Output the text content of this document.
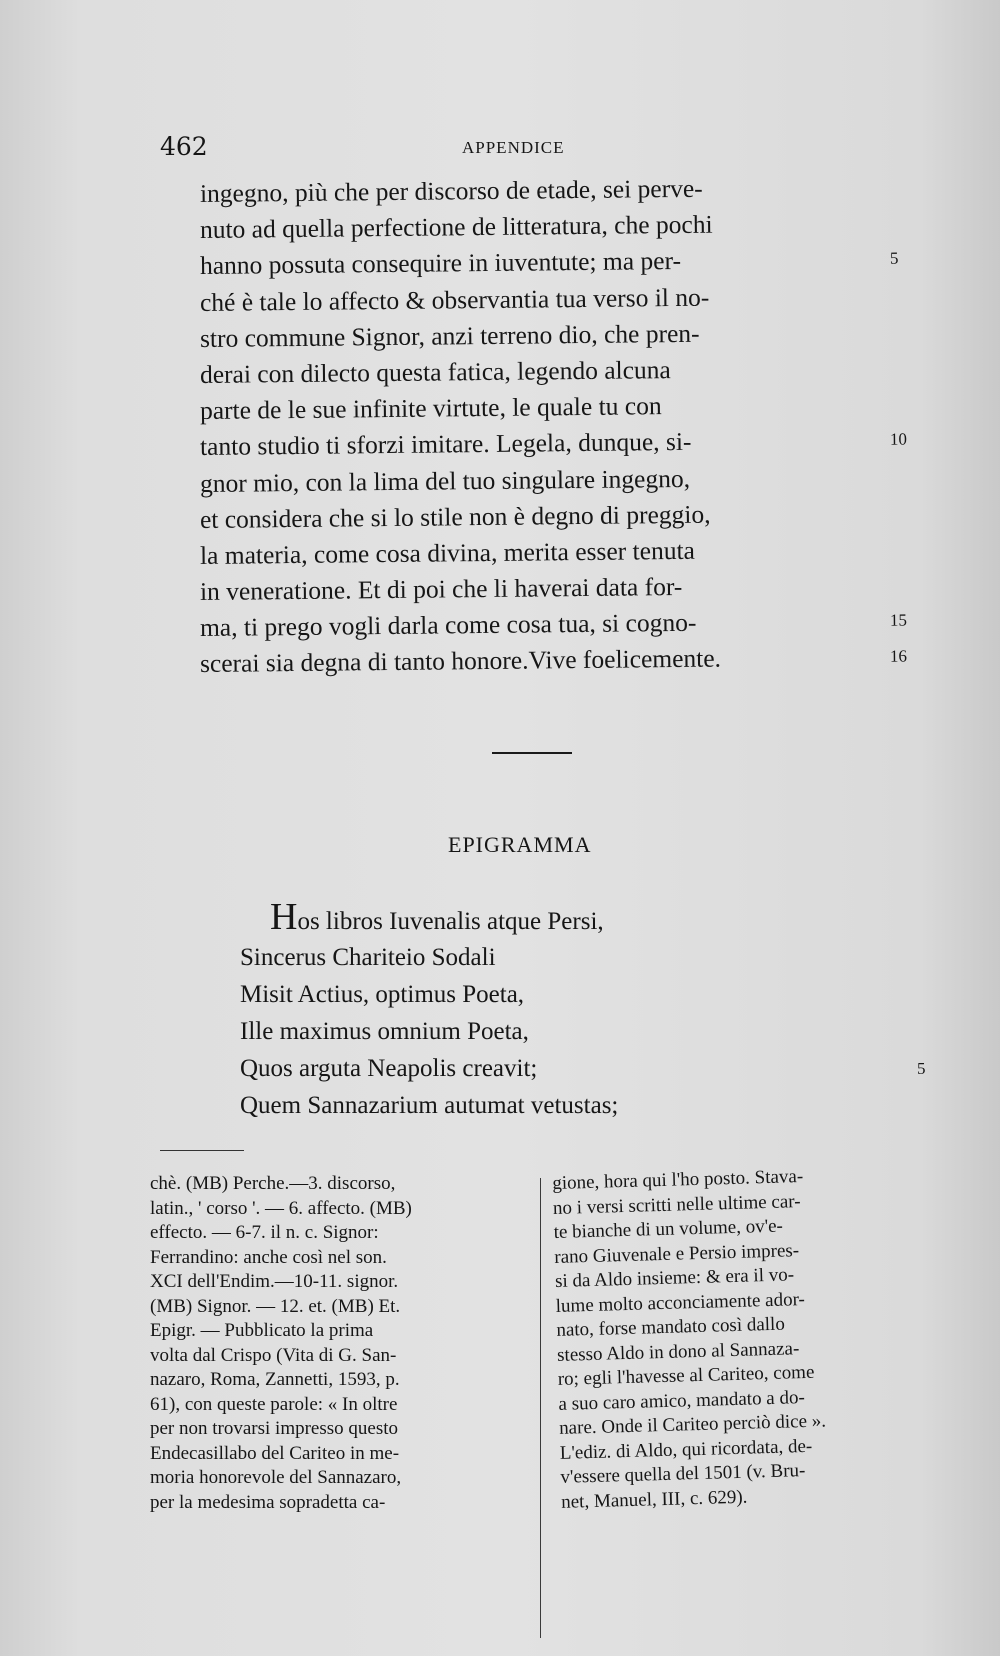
462	APPENDICE
ingegno, più che per discorso de etade, sei perve-
nuto ad quella perfectione de litteratura, che pochi
hanno possuta consequire in iuventute; ma per-	5
ché è tale lo affecto & observantia tua verso il no-
stro commune Signor, anzi terreno dio, che pren-
derai con dilecto questa fatica, legendo alcuna
parte de le sue infinite virtute, le quale tu con
tanto studio ti sforzi imitare. Legela, dunque, si-	10
gnor mio, con la lima del tuo singulare ingegno,
et considera che si lo stile non è degno di preggio,
la materia, come cosa divina, merita esser tenuta
in veneratione. Et di poi che li haverai data for-
ma, ti prego vogli darla come cosa tua, si cogno-	15
scerai sia degna di tanto honore.Vive foelicemente.	16
EPIGRAMMA
Hos libros Iuvenalis atque Persi,
Sincerus Chariteio Sodali
Misit Actius, optimus Poeta,
Ille maximus omnium Poeta,
Quos arguta Neapolis creavit;	5
Quem Sannazarium autumat vetustas;
chè. (MB) Perche.—3. discorso,
latin., ' corso '. — 6. affecto. (MB)
effecto. — 6-7. il n. c. Signor:
Ferrandino: anche così nel son.
XCI dell'Endim.—10-11. signor.
(MB) Signor. — 12. et. (MB) Et.
Epigr. — Pubblicato la prima
volta dal Crispo (Vita di G. San-
nazaro, Roma, Zannetti, 1593, p.
61), con queste parole: « In oltre
per non trovarsi impresso questo
Endecasillabo del Cariteo in me-
moria honorevole del Sannazaro,
per la medesima sopradetta ca-
gione, hora qui l'ho posto. Stava-
no i versi scritti nelle ultime car-
te bianche di un volume, ov'e-
rano Giuvenale e Persio impres-
si da Aldo insieme: & era il vo-
lume molto acconciamente ador-
nato, forse mandato così dallo
stesso Aldo in dono al Sannaza-
ro; egli l'havesse al Cariteo, come
a suo caro amico, mandato a do-
nare. Onde il Cariteo perciò dice ».
L'ediz. di Aldo, qui ricordata, de-
v'essere quella del 1501 (v. Bru-
net, Manuel, III, c. 629).
